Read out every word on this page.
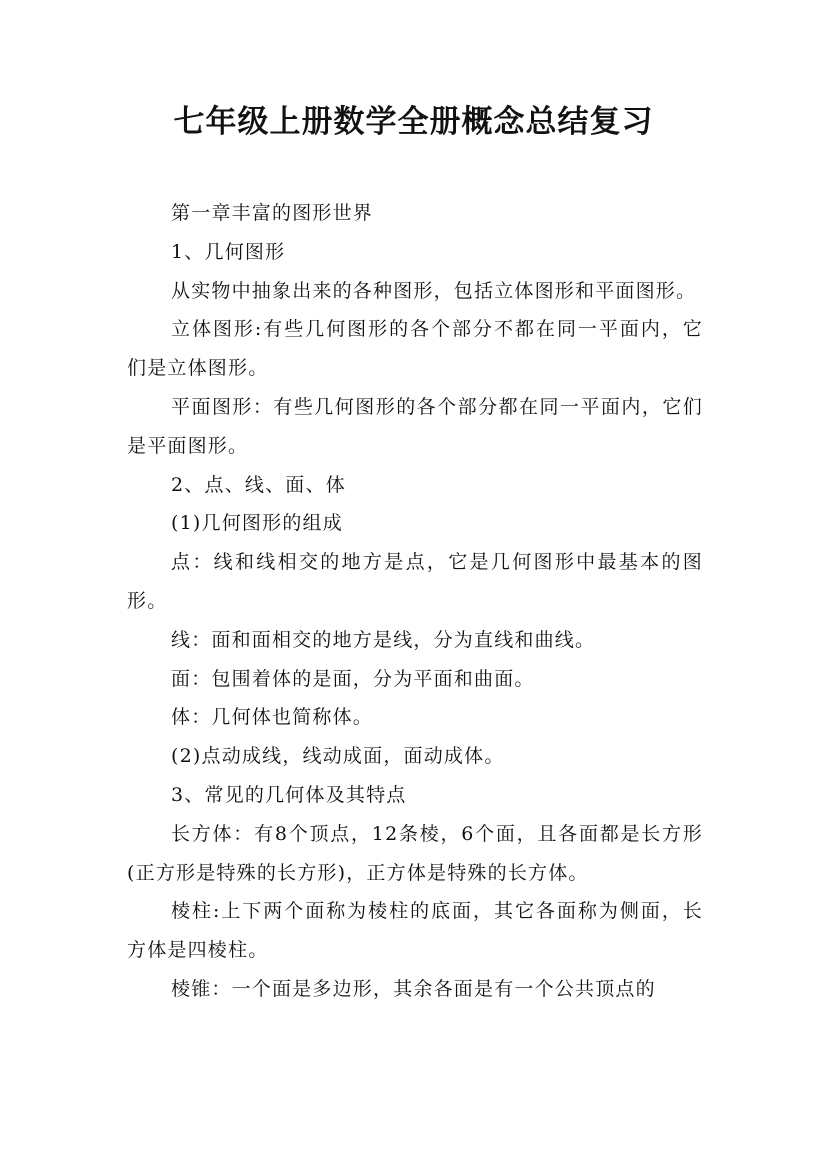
七年级上册数学全册概念总结复习

第一章丰富的图形世界

1、几何图形

从实物中抽象出来的各种图形，包括立体图形和平面图形。

立体图形:有些几何图形的各个部分不都在同一平面内，它们是立体图形。

平面图形：有些几何图形的各个部分都在同一平面内，它们是平面图形。

2、点、线、面、体

(1)几何图形的组成

点：线和线相交的地方是点，它是几何图形中最基本的图形。

线：面和面相交的地方是线，分为直线和曲线。

面：包围着体的是面，分为平面和曲面。

体：几何体也简称体。

(2)点动成线，线动成面，面动成体。

3、常见的几何体及其特点

长方体：有8个顶点，12条棱，6个面，且各面都是长方形(正方形是特殊的长方形)，正方体是特殊的长方体。

棱柱:上下两个面称为棱柱的底面，其它各面称为侧面，长方体是四棱柱。

棱锥：一个面是多边形，其余各面是有一个公共顶点的
